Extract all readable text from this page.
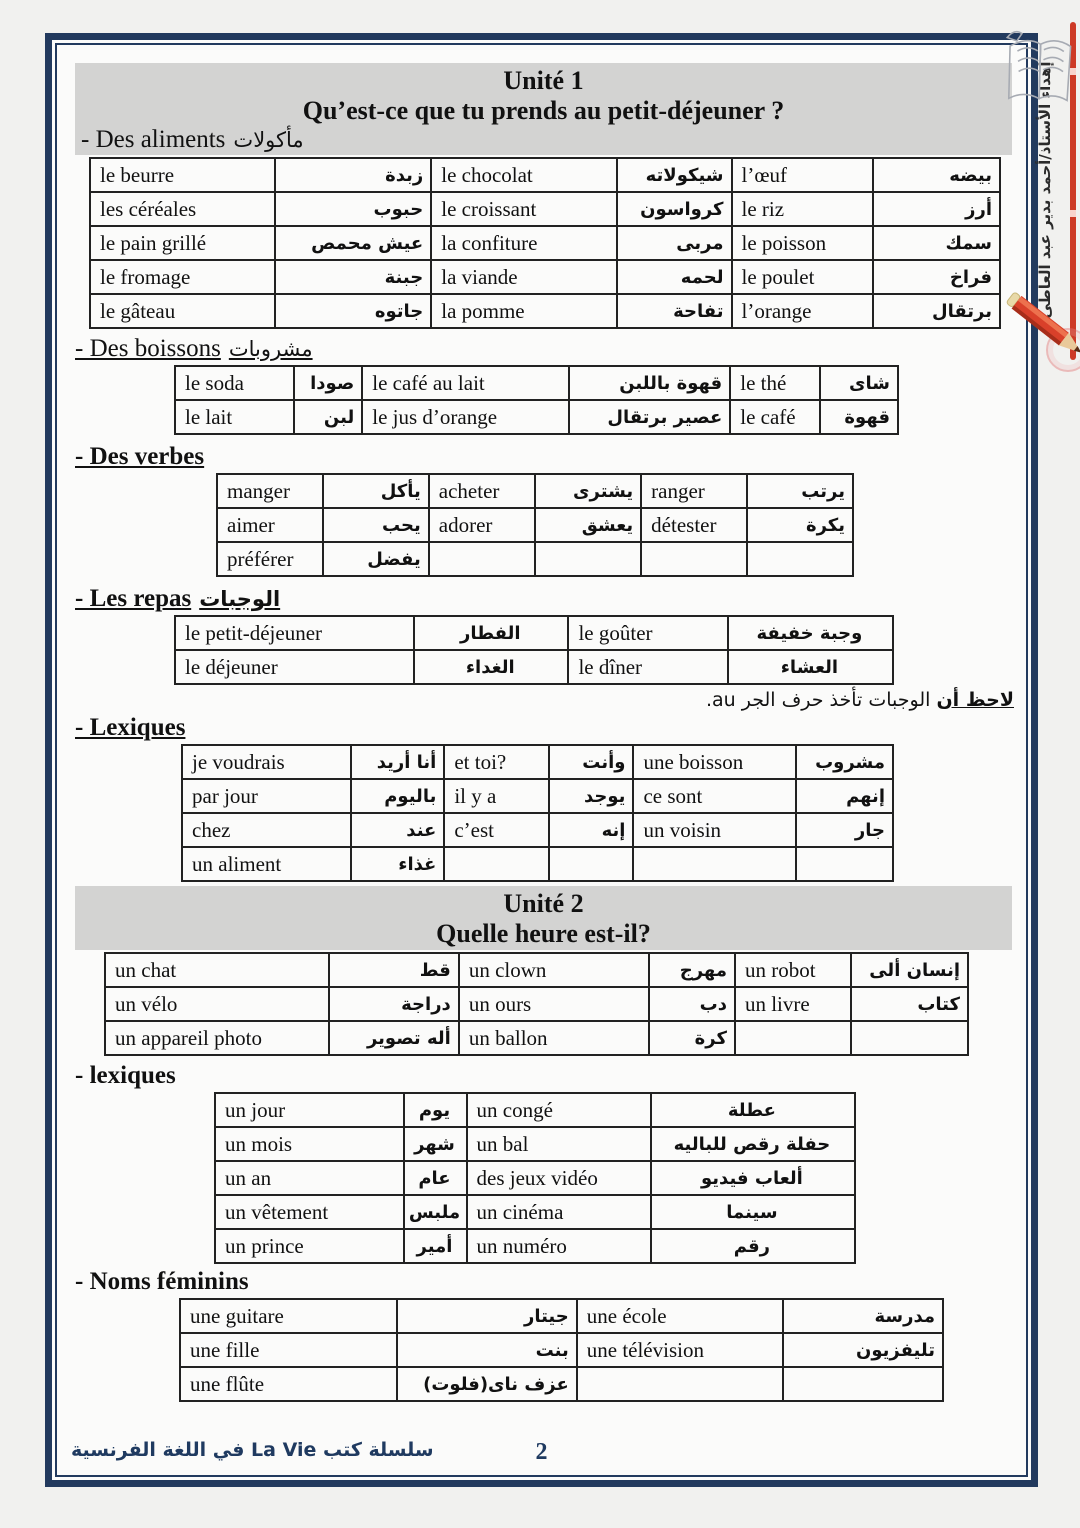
Unité 1
Qu’est-ce que tu prends au petit-déjeuner ?
- Des aliments مأكولات
le beurre	زبدة	le chocolat	شيكولاته	l’œuf	بيضه
les céréales	حبوب	le croissant	كرواسون	le riz	أرز
le pain grillé	عيش محمص	la confiture	مربى	le poisson	سمك
le fromage	جبنة	la viande	لحمه	le poulet	فراخ
le gâteau	جاتوه	la pomme	تفاحة	l’orange	برتقال
- Des boissons مشروبات
le soda	صودا	le café au lait	قهوة باللبن	le thé	شاى
le lait	لبن	le jus d’orange	عصير برتقال	le café	قهوة
- Des verbes
manger	يأكل	acheter	يشترى	ranger	يرتب
aimer	يحب	adorer	يعشق	détester	يكرة
préférer	يفضل				
- Les repas الوجبات
le petit-déjeuner	الفطار	le goûter	وجبة خفيفة
le déjeuner	الغداء	le dîner	العشاء
لاحظ أن الوجبات تأخذ حرف الجر au.
- Lexiques
je voudrais	أنا أريد	et toi?	وأنت	une boisson	مشروب
par jour	باليوم	il y a	يوجد	ce sont	إنهم
chez	عند	c’est	إنه	un voisin	جار
un aliment	غذاء				
Unité 2
Quelle heure est-il?
un chat	قط	un clown	مهرج	un robot	إنسان ألى
un vélo	دراجة	un ours	دب	un livre	كتاب
un appareil photo	أله تصوير	un ballon	كرة		
- lexiques
un jour	يوم	un congé	عطلة
un mois	شهر	un bal	حفلة رقص للباليه
un an	عام	des jeux vidéo	ألعاب فيديو
un vêtement	ملبس	un cinéma	سينما
un prince	أمير	un numéro	رقم
- Noms féminins
une guitare	جيتار	une école	مدرسة
une fille	بنت	une télévision	تليفزيون
une flûte	عزف ناى(فلوت)		
سلسلة كتب La Vie في اللغة الفرنسية	2
إهداء الأستاذ/أحمد بدير عبد العاطى
